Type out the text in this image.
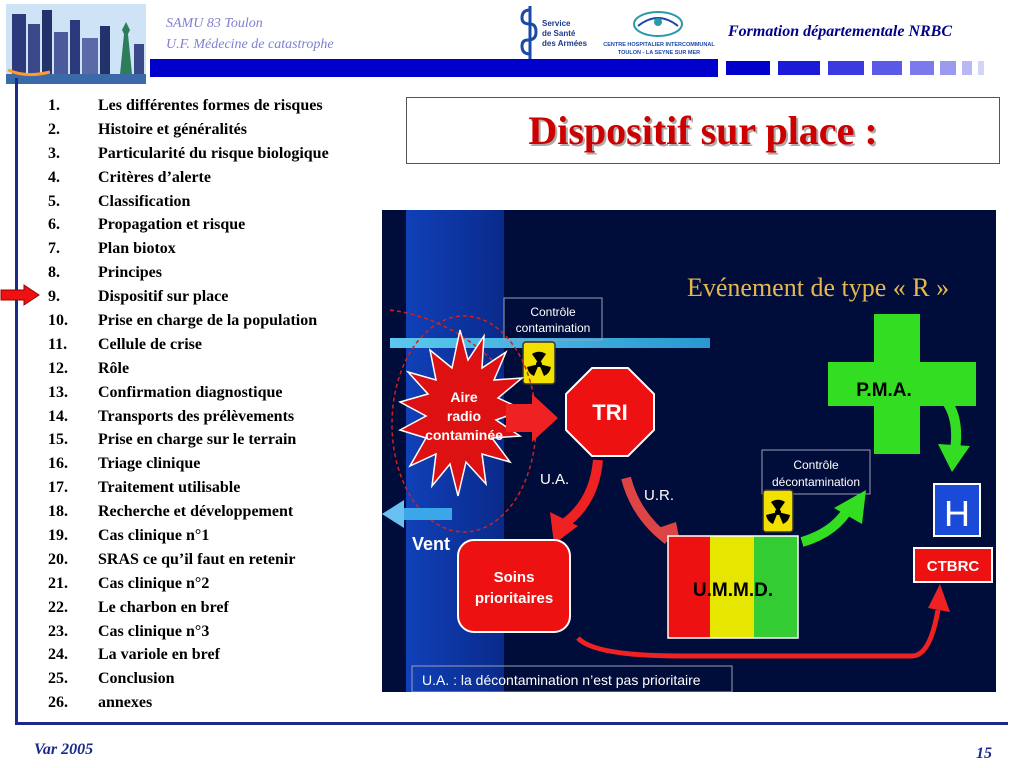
SAMU 83 Toulon
U.F. Médecine de catastrophe
Service
de Santé
des Armées	CENTRE HOSPITALIER INTERCOMMUNAL
TOULON - LA SEYNE SUR MER
Formation départementale NRBC
1. Les différentes formes de risques
2. Histoire et généralités
3. Particularité du risque biologique
4. Critères d’alerte
5. Classification
6. Propagation et risque
7. Plan biotox
8. Principes
9. Dispositif sur place
10. Prise en charge de la population
11. Cellule de crise
12. Rôle
13. Confirmation diagnostique
14. Transports des prélèvements
15. Prise en charge sur le terrain
16. Triage clinique
17. Traitement utilisable
18. Recherche et développement
19. Cas clinique n°1
20. SRAS ce qu’il faut en retenir
21. Cas clinique n°2
22. Le charbon en bref
23. Cas clinique n°3
24. La variole en bref
25. Conclusion
26. annexes
Dispositif sur place :
Evénement de type « R »
Contrôle
contamination
Aire
radio
contaminée
TRI
U.A.
U.R.
P.M.A.
Contrôle
décontamination
H
CTBRC
Vent
Soins
prioritaires	U.M.M.D.
U.A. : la décontamination n’est pas prioritaire
Var 2005	15
